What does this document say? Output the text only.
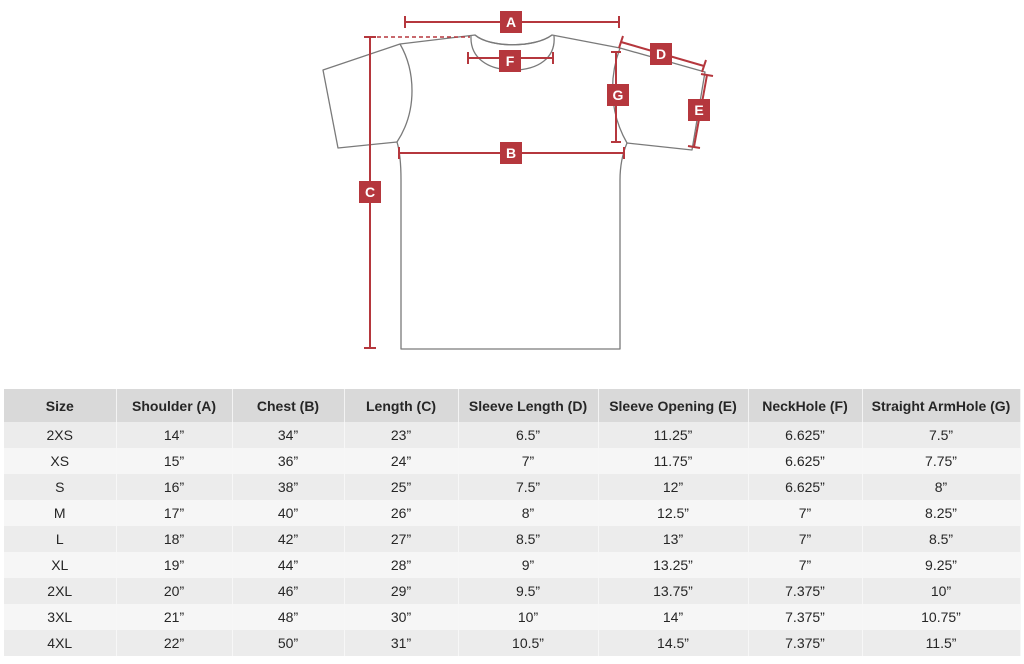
A
F
B
C
D
G
E
Size	Shoulder (A)	Chest (B)	Length (C)	Sleeve Length (D)	Sleeve Opening (E)	NeckHole (F)	Straight ArmHole (G)
2XS	14”	34”	23”	6.5”	11.25”	6.625”	7.5”
XS	15”	36”	24”	7”	11.75”	6.625”	7.75”
S	16”	38”	25”	7.5”	12”	6.625”	8”
M	17”	40”	26”	8”	12.5”	7”	8.25”
L	18”	42”	27”	8.5”	13”	7”	8.5”
XL	19”	44”	28”	9”	13.25”	7”	9.25”
2XL	20”	46”	29”	9.5”	13.75”	7.375”	10”
3XL	21”	48”	30”	10”	14”	7.375”	10.75”
4XL	22”	50”	31”	10.5”	14.5”	7.375”	11.5”
